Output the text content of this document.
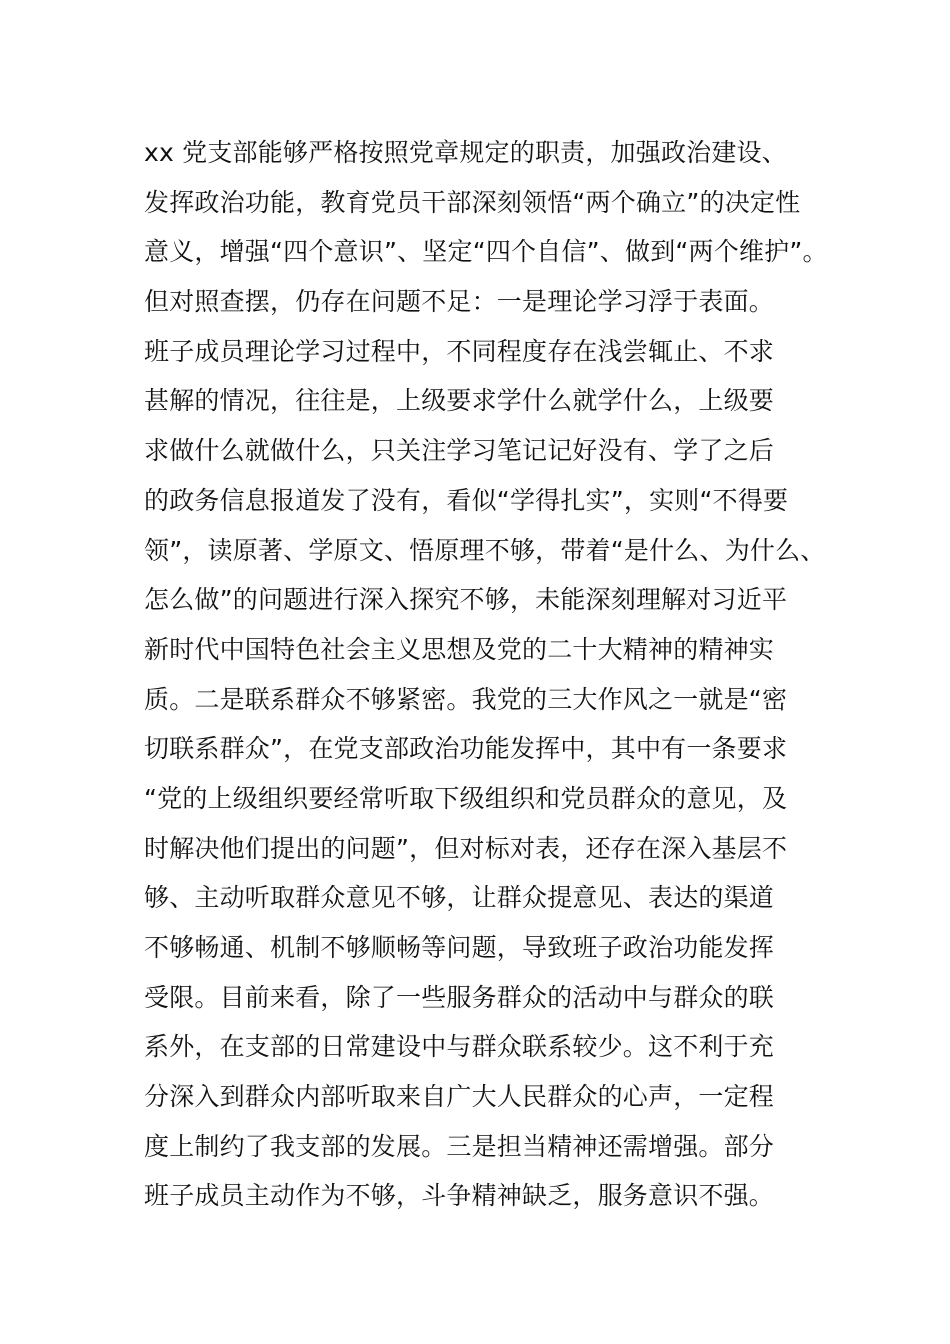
xx 党支部能够严格按照党章规定的职责，加强政治建设、
发挥政治功能，教育党员干部深刻领悟“两个确立”的决定性
意义，增强“四个意识”、坚定“四个自信”、做到“两个维护”。
但对照查摆，仍存在问题不足：一是理论学习浮于表面。
班子成员理论学习过程中，不同程度存在浅尝辄止、不求
甚解的情况，往往是，上级要求学什么就学什么，上级要
求做什么就做什么，只关注学习笔记记好没有、学了之后
的政务信息报道发了没有，看似“学得扎实”，实则“不得要
领”，读原著、学原文、悟原理不够，带着“是什么、为什么、
怎么做”的问题进行深入探究不够，未能深刻理解对习近平
新时代中国特色社会主义思想及党的二十大精神的精神实
质。二是联系群众不够紧密。我党的三大作风之一就是“密
切联系群众”，在党支部政治功能发挥中，其中有一条要求
“党的上级组织要经常听取下级组织和党员群众的意见，及
时解决他们提出的问题”，但对标对表，还存在深入基层不
够、主动听取群众意见不够，让群众提意见、表达的渠道
不够畅通、机制不够顺畅等问题，导致班子政治功能发挥
受限。目前来看，除了一些服务群众的活动中与群众的联
系外，在支部的日常建设中与群众联系较少。这不利于充
分深入到群众内部听取来自广大人民群众的心声，一定程
度上制约了我支部的发展。三是担当精神还需增强。部分
班子成员主动作为不够，斗争精神缺乏，服务意识不强。
